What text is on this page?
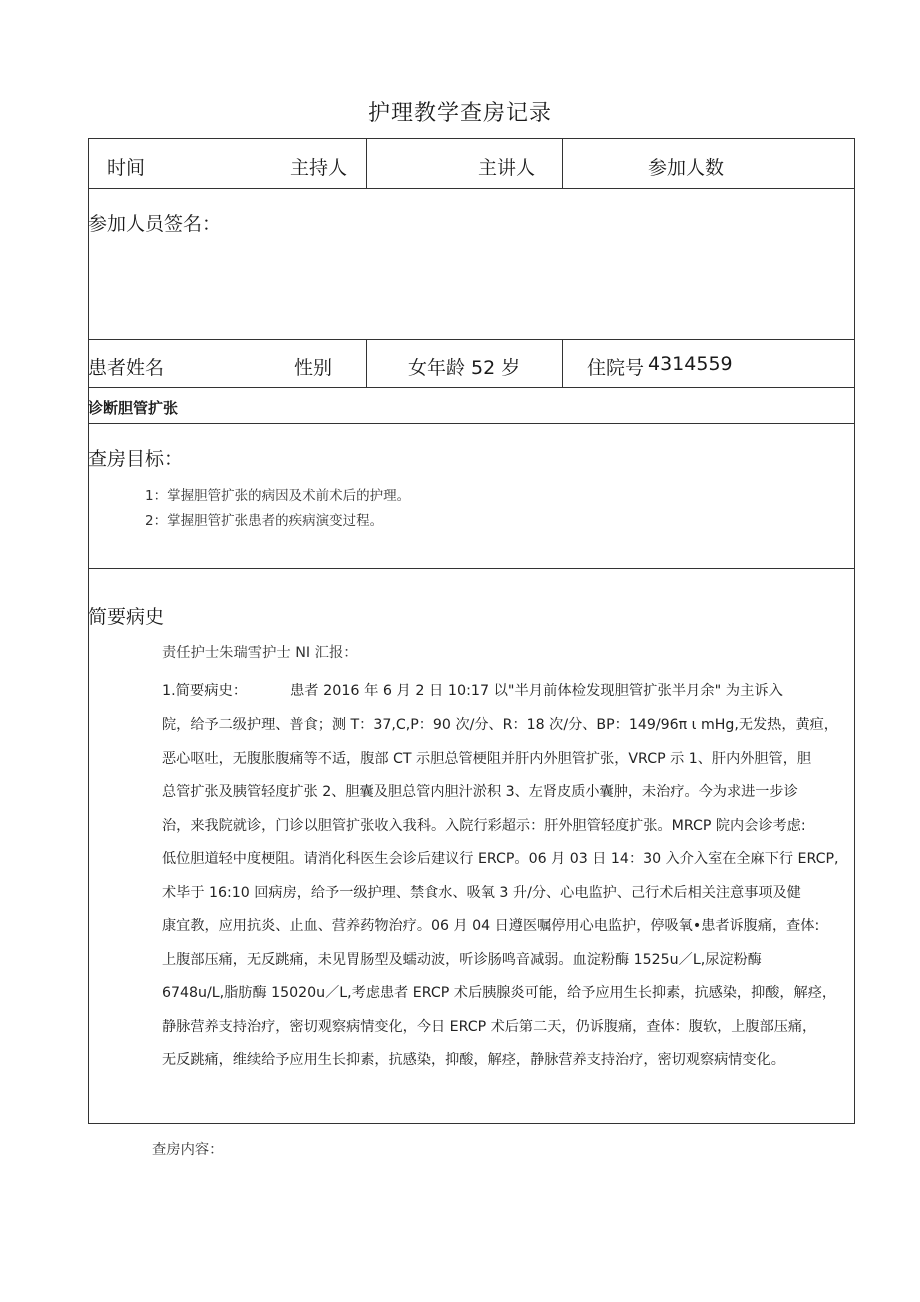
护理教学查房记录
时间	主持人	主讲人	参加人数
参加人员签名：
患者姓名	性别	女年龄 52 岁	住院号 4314559
诊断胆管扩张
查房目标：
1：掌握胆管扩张的病因及术前术后的护理。
2：掌握胆管扩张患者的疾病演变过程。
简要病史
责任护士朱瑞雪护士 NI 汇报：
1.简要病史：	患者 2016 年 6 月 2 日 10:17 以"半月前体检发现胆管扩张半月余" 为主诉入

院，给予二级护理、普食；测 T：37,C,P：90 次/分、R：18 次/分、BP：149/96π ι mHg,无发热，黄疸，

恶心呕吐，无腹胀腹痛等不适，腹部 CT 示胆总管梗阻并肝内外胆管扩张，VRCP 示 1、肝内外胆管，胆

总管扩张及胰管轻度扩张 2、胆囊及胆总管内胆汁淤积 3、左肾皮质小囊肿，未治疗。今为求进一步诊

治，来我院就诊，门诊以胆管扩张收入我科。入院行彩超示：肝外胆管轻度扩张。MRCP 院内会诊考虑:

低位胆道轻中度梗阻。请消化科医生会诊后建议行 ERCP。06 月 03 日 14：30 入介入室在全麻下行 ERCP,

术毕于 16:10 回病房，给予一级护理、禁食水、吸氧 3 升/分、心电监护、己行术后相关注意事项及健

康宜教，应用抗炎、止血、营养药物治疗。06 月 04 日遵医嘱停用心电监护，停吸氧•患者诉腹痛，查体:

上腹部压痛，无反跳痛，未见胃肠型及蠕动波，听诊肠鸣音减弱。血淀粉酶 1525u／L,尿淀粉酶

6748u/L,脂肪酶 15020u／L,考虑患者 ERCP 术后胰腺炎可能，给予应用生长抑素，抗感染，抑酸，解痉，

静脉营养支持治疗，密切观察病情变化，今日 ERCP 术后第二天，仍诉腹痛，查体：腹软，上腹部压痛，

无反跳痛，维续给予应用生长抑素，抗感染，抑酸，解痉，静脉营养支持治疗，密切观察病情变化。

查房内容：
